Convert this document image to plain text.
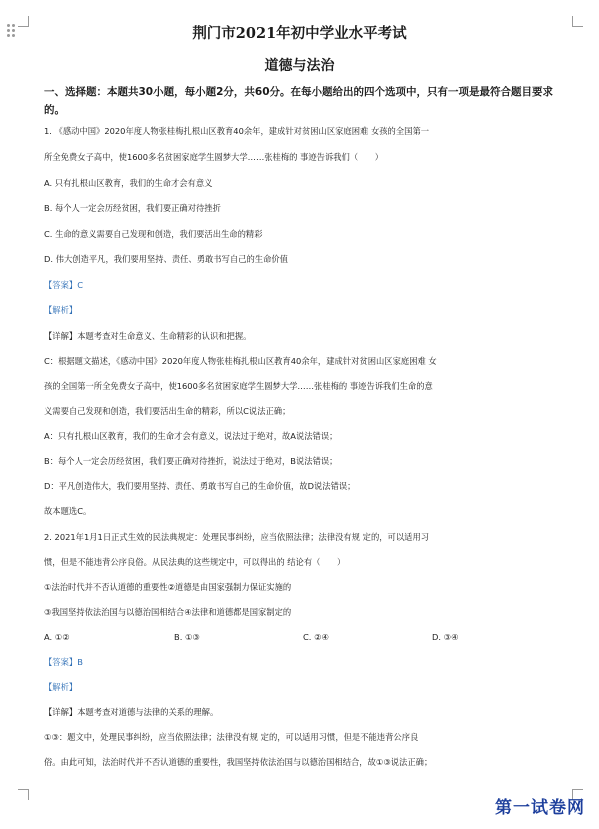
荆门市2021年初中学业水平考试
道德与法治
一、选择题：本题共30小题，每小题2分，共60分。在每小题给出的四个选项中，只有一项是最符合题目要求的。
1. 《感动中国》2020年度人物张桂梅扎根山区教育40余年，建成针对贫困山区家庭困难 女孩的全国第一
所全免费女子高中，使1600多名贫困家庭学生圆梦大学……张桂梅的 事迹告诉我们（　　）
A. 只有扎根山区教育，我们的生命才会有意义
B. 每个人一定会历经贫困，我们要正确对待挫折
C. 生命的意义需要自己发现和创造，我们要活出生命的精彩
D. 伟大创造平凡，我们要用坚持、责任、勇敢书写自己的生命价值
【答案】C
【解析】
【详解】本题考查对生命意义、生命精彩的认识和把握。
C：根据题文描述，《感动中国》2020年度人物张桂梅扎根山区教育40余年，建成针对贫困山区家庭困难 女
孩的全国第一所全免费女子高中，使1600多名贫困家庭学生圆梦大学……张桂梅的 事迹告诉我们生命的意
义需要自己发现和创造，我们要活出生命的精彩，所以C说法正确；
A：只有扎根山区教育，我们的生命才会有意义，说法过于绝对，故A说法错误；
B：每个人一定会历经贫困，我们要正确对待挫折，说法过于绝对，B说法错误；
D：平凡创造伟大，我们要用坚持、责任、勇敢书写自己的生命价值，故D说法错误；
故本题选C。
2. 2021年1月1日正式生效的民法典规定：处理民事纠纷，应当依照法律；法律没有规 定的，可以适用习
惯，但是不能违背公序良俗。从民法典的这些规定中，可以得出的 结论有（　　）
①法治时代并不否认道德的重要性②道德是由国家强制力保证实施的
③我国坚持依法治国与以德治国相结合④法律和道德都是国家制定的
A. ①②	B. ①③	C. ②④	D. ③④
【答案】B
【解析】
【详解】本题考查对道德与法律的关系的理解。
①③：题文中，处理民事纠纷，应当依照法律；法律没有规 定的，可以适用习惯，但是不能违背公序良
俗。由此可知，法治时代并不否认道德的重要性，我国坚持依法治国与以德治国相结合，故①③说法正确；
第一试卷网
